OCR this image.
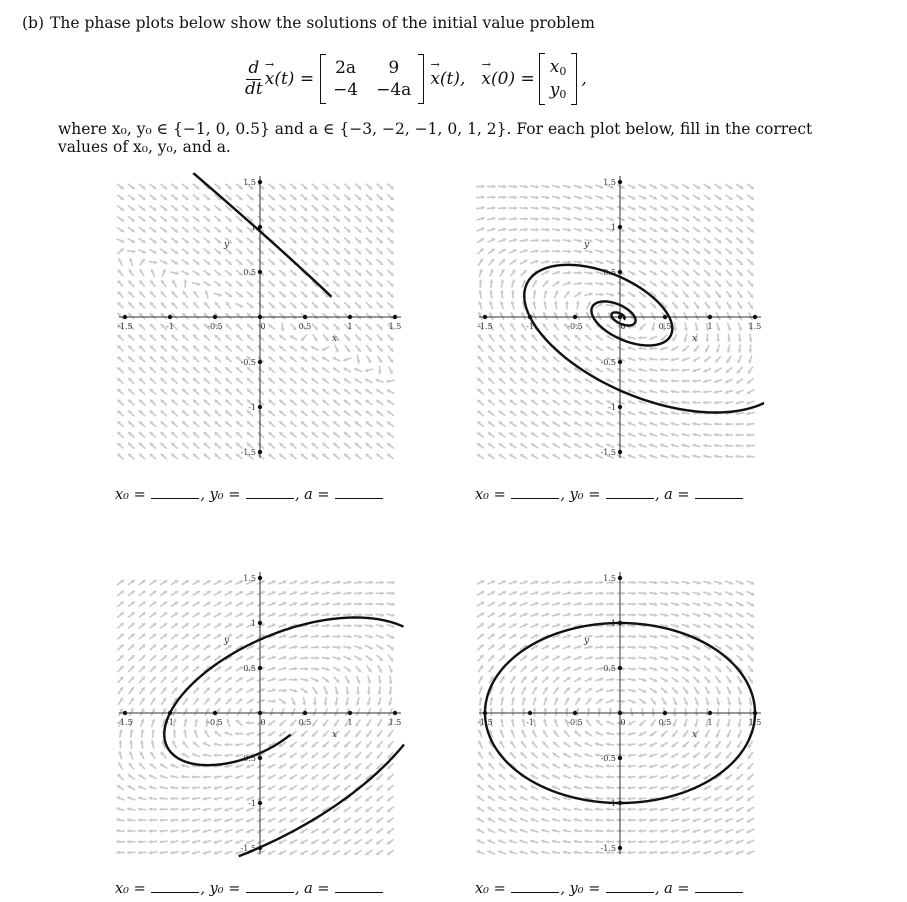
(b) The phase plots below show the solutions of the initial value problem

$\frac{d}{dt}$
→ x (t) =
2a	9
−4 −4a
→ x (t),
→ x (0) =
$x_0$
$y_0$
,

where x₀, y₀ ∈ {−1, 0, 0.5} and a ∈ {−3, −2, −1, 0, 1, 2}. For each plot below, fill in the correct values of x₀, y₀, and a.

-1.5	-1	-0.5	0	0.5	1	1.5
1.5
1
0.5
-0.5
-1
-1.5
x
y
-1.5	-1	-0.5	0	0.5	1	1.5
1.5
1
0.5
-0.5
-1
-1.5
x
y
-1.5	-1	-0.5	0	0.5	1	1.5
1.5
1
0.5
-0.5
-1
-1.5
x
y
-1.5	-1	-0.5	0	0.5	1	1.5
1.5
1
0.5
-0.5
-1
-1.5
x
y
x₀ =	, y₀ =	, a =	x₀ =	, y₀ =	, a =
x₀ =	, y₀ =	, a =	x₀ =	, y₀ =	, a =
